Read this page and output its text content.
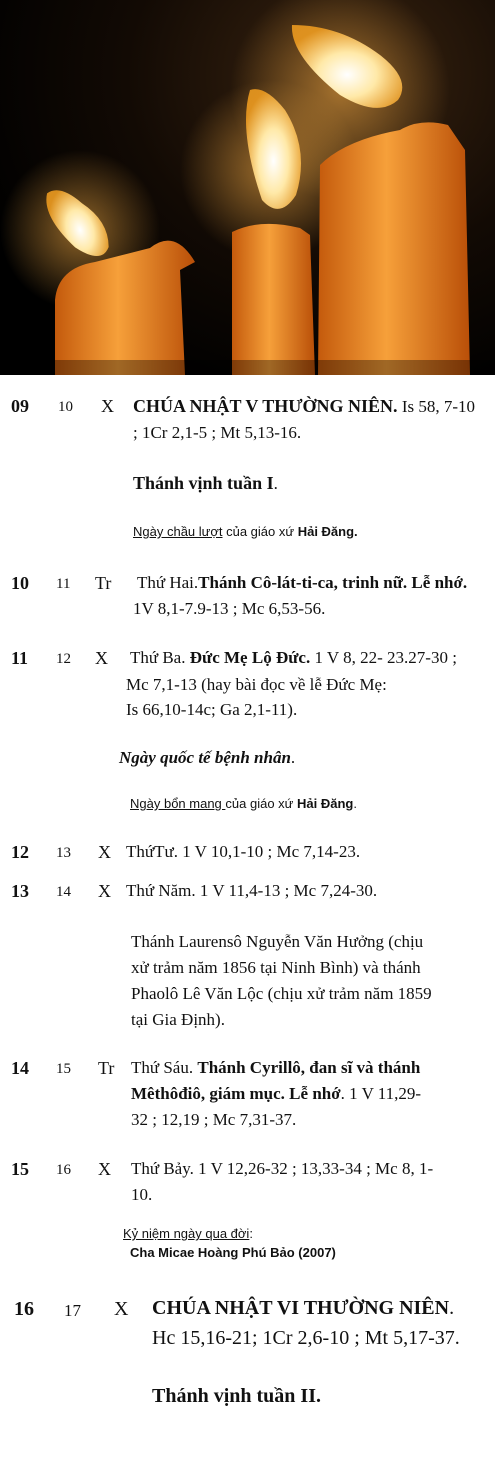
09 10 X CHÚA NHẬT V THƯỜNG NIÊN. Is 58, 7-10
; 1Cr 2,1-5 ; Mt 5,13-16.
Thánh vịnh tuần I.
Ngày chầu lượt của giáo xứ Hải Đăng.
10 11 Tr Thứ Hai.Thánh Cô-lát-ti-ca, trinh nữ. Lễ nhớ.
1V 8,1-7.9-13 ; Mc 6,53-56.
11 12 X Thứ Ba. Đức Mẹ Lộ Đức. 1 V 8, 22- 23.27-30 ;
Mc 7,1-13 (hay bài đọc về lễ Đức Mẹ:
Is 66,10-14c; Ga 2,1-11).
Ngày quốc tế bệnh nhân.
Ngày bổn mang của giáo xứ Hải Đăng.
12 13 X ThứTư. 1 V 10,1-10 ; Mc 7,14-23.
13 14 X Thứ Năm. 1 V 11,4-13 ; Mc 7,24-30.
Thánh Laurensô Nguyễn Văn Hưởng (chịu
xử trảm năm 1856 tại Ninh Bình) và thánh
Phaolô Lê Văn Lộc (chịu xử trảm năm 1859
tại Gia Định).
14 15 Tr Thứ Sáu. Thánh Cyrillô, đan sĩ và thánh
Mêthôđiô, giám mục. Lễ nhớ. 1 V 11,29-
32 ; 12,19 ; Mc 7,31-37.
15 16 X Thứ Bảy. 1 V 12,26-32 ; 13,33-34 ; Mc 8, 1-
10.
Kỷ niệm ngày qua đời:
Cha Micae Hoàng Phú Bảo (2007)
16 17 X CHÚA NHẬT VI THƯỜNG NIÊN.
Hc 15,16-21; 1Cr 2,6-10 ; Mt 5,17-37.
Thánh vịnh tuần II.
